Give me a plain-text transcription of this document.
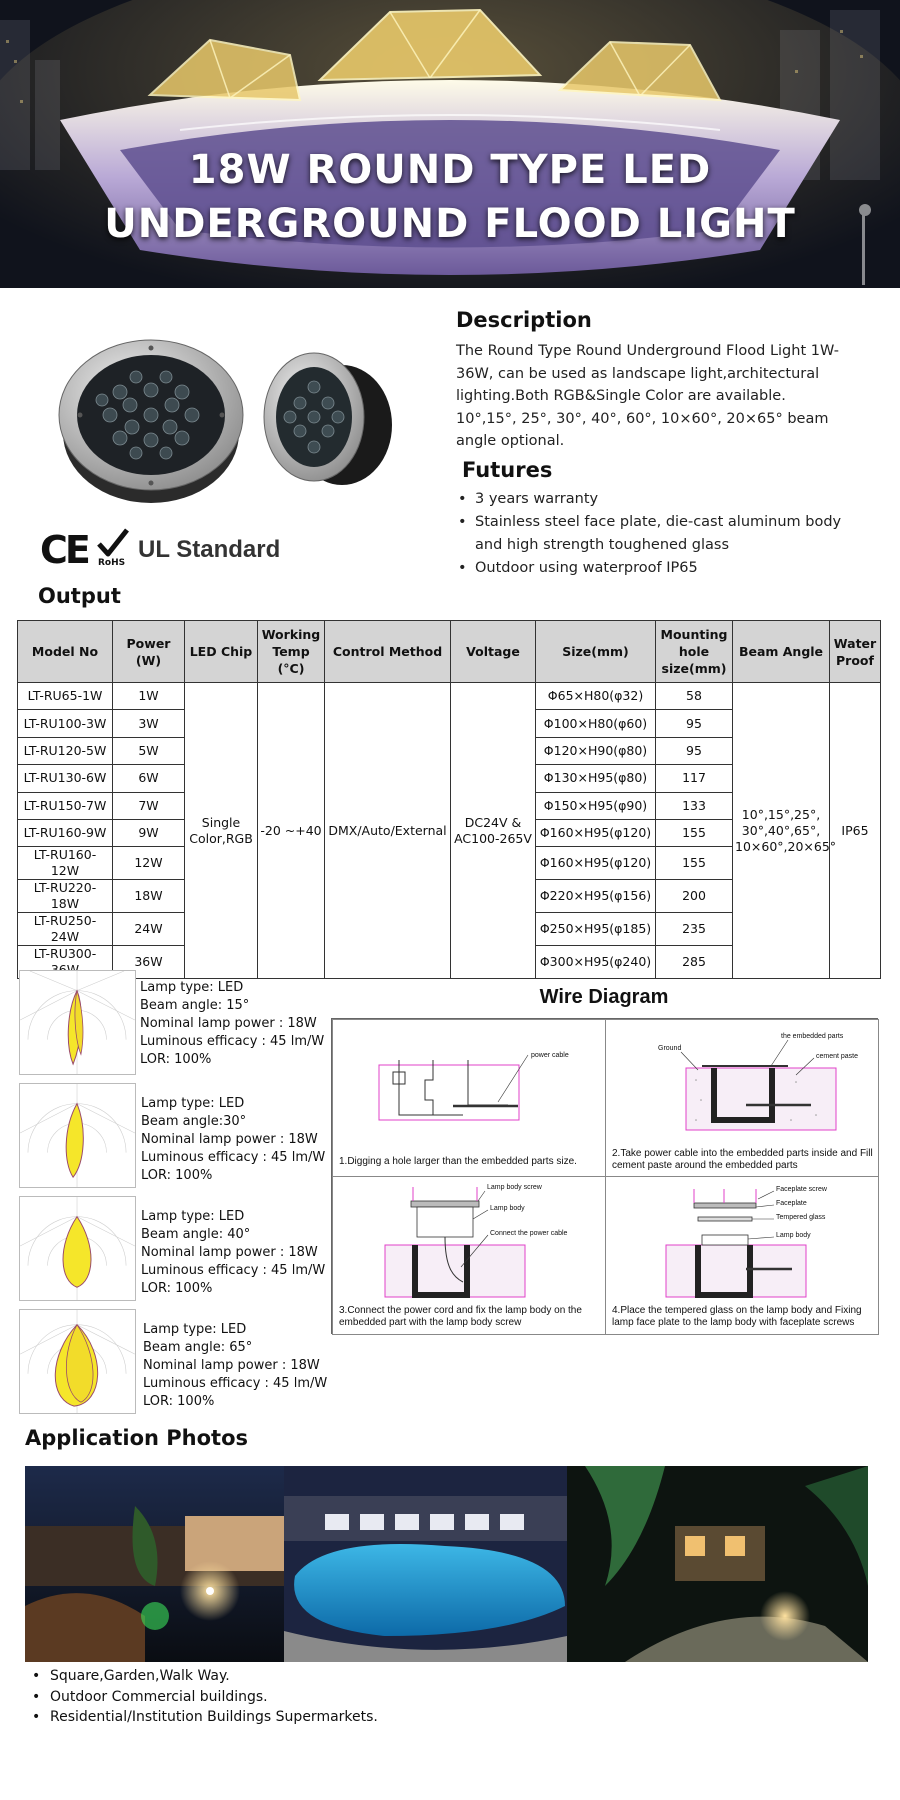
18W ROUND TYPE LED
UNDERGROUND FLOOD LIGHT
CE RoHS UL Standard
Description
The Round Type Round Underground Flood Light 1W-36W, can be used as landscape light,architectural lighting.Both RGB&Single Color are available. 10°,15°, 25°, 30°, 40°, 60°, 10×60°, 20×65° beam angle optional.
Futures
• 3 years warranty
• Stainless steel face plate, die-cast aluminum body and high strength toughened glass
• Outdoor using waterproof IP65
Output
Model No	Power (W)	LED Chip	Working Temp (°C)	Control Method	Voltage	Size(mm)	Mounting hole size(mm)	Beam Angle	Water Proof
LT-RU65-1W	1W	Single Color,RGB	-20 ~+40	DMX/Auto/External	DC24V & AC100-265V	Φ65×H80(φ32)	58	10°,15°,25°, 30°,40°,65°, 10×60°,20×65°	IP65
LT-RU100-3W	3W					Φ100×H80(φ60)	95		
LT-RU120-5W	5W					Φ120×H90(φ80)	95		
LT-RU130-6W	6W					Φ130×H95(φ80)	117		
LT-RU150-7W	7W					Φ150×H95(φ90)	133		
LT-RU160-9W	9W					Φ160×H95(φ120)	155		
LT-RU160-12W	12W					Φ160×H95(φ120)	155		
LT-RU220-18W	18W					Φ220×H95(φ156)	200		
LT-RU250-24W	24W					Φ250×H95(φ185)	235		
LT-RU300-36W	36W					Φ300×H95(φ240)	285		
Lamp type: LED
Beam angle: 15°
Nominal lamp power : 18W
Luminous efficacy : 45 lm/W
LOR: 100%
Lamp type: LED
Beam angle:30°
Nominal lamp power : 18W
Luminous efficacy : 45 lm/W
LOR: 100%
Lamp type: LED
Beam angle: 40°
Nominal lamp power : 18W
Luminous efficacy : 45 lm/W
LOR: 100%
Lamp type: LED
Beam angle: 65°
Nominal lamp power : 18W
Luminous efficacy : 45 lm/W
LOR: 100%
Wire Diagram
power cable
1.Digging a hole larger than the embedded parts size.
Ground
the embedded parts
cement paste
2.Take power cable into the embedded parts inside and Fill cement paste around the embedded parts
Lamp body screw
Lamp body
Connect the power cable
3.Connect the power cord and fix the lamp body on the embedded part with the lamp body screw
Faceplate screw
Faceplate
Tempered glass
Lamp body
4.Place the tempered glass on the lamp body and Fixing lamp face plate to the lamp body with faceplate screws
Application Photos
• Square,Garden,Walk Way.
• Outdoor Commercial buildings.
• Residential/Institution Buildings Supermarkets.
